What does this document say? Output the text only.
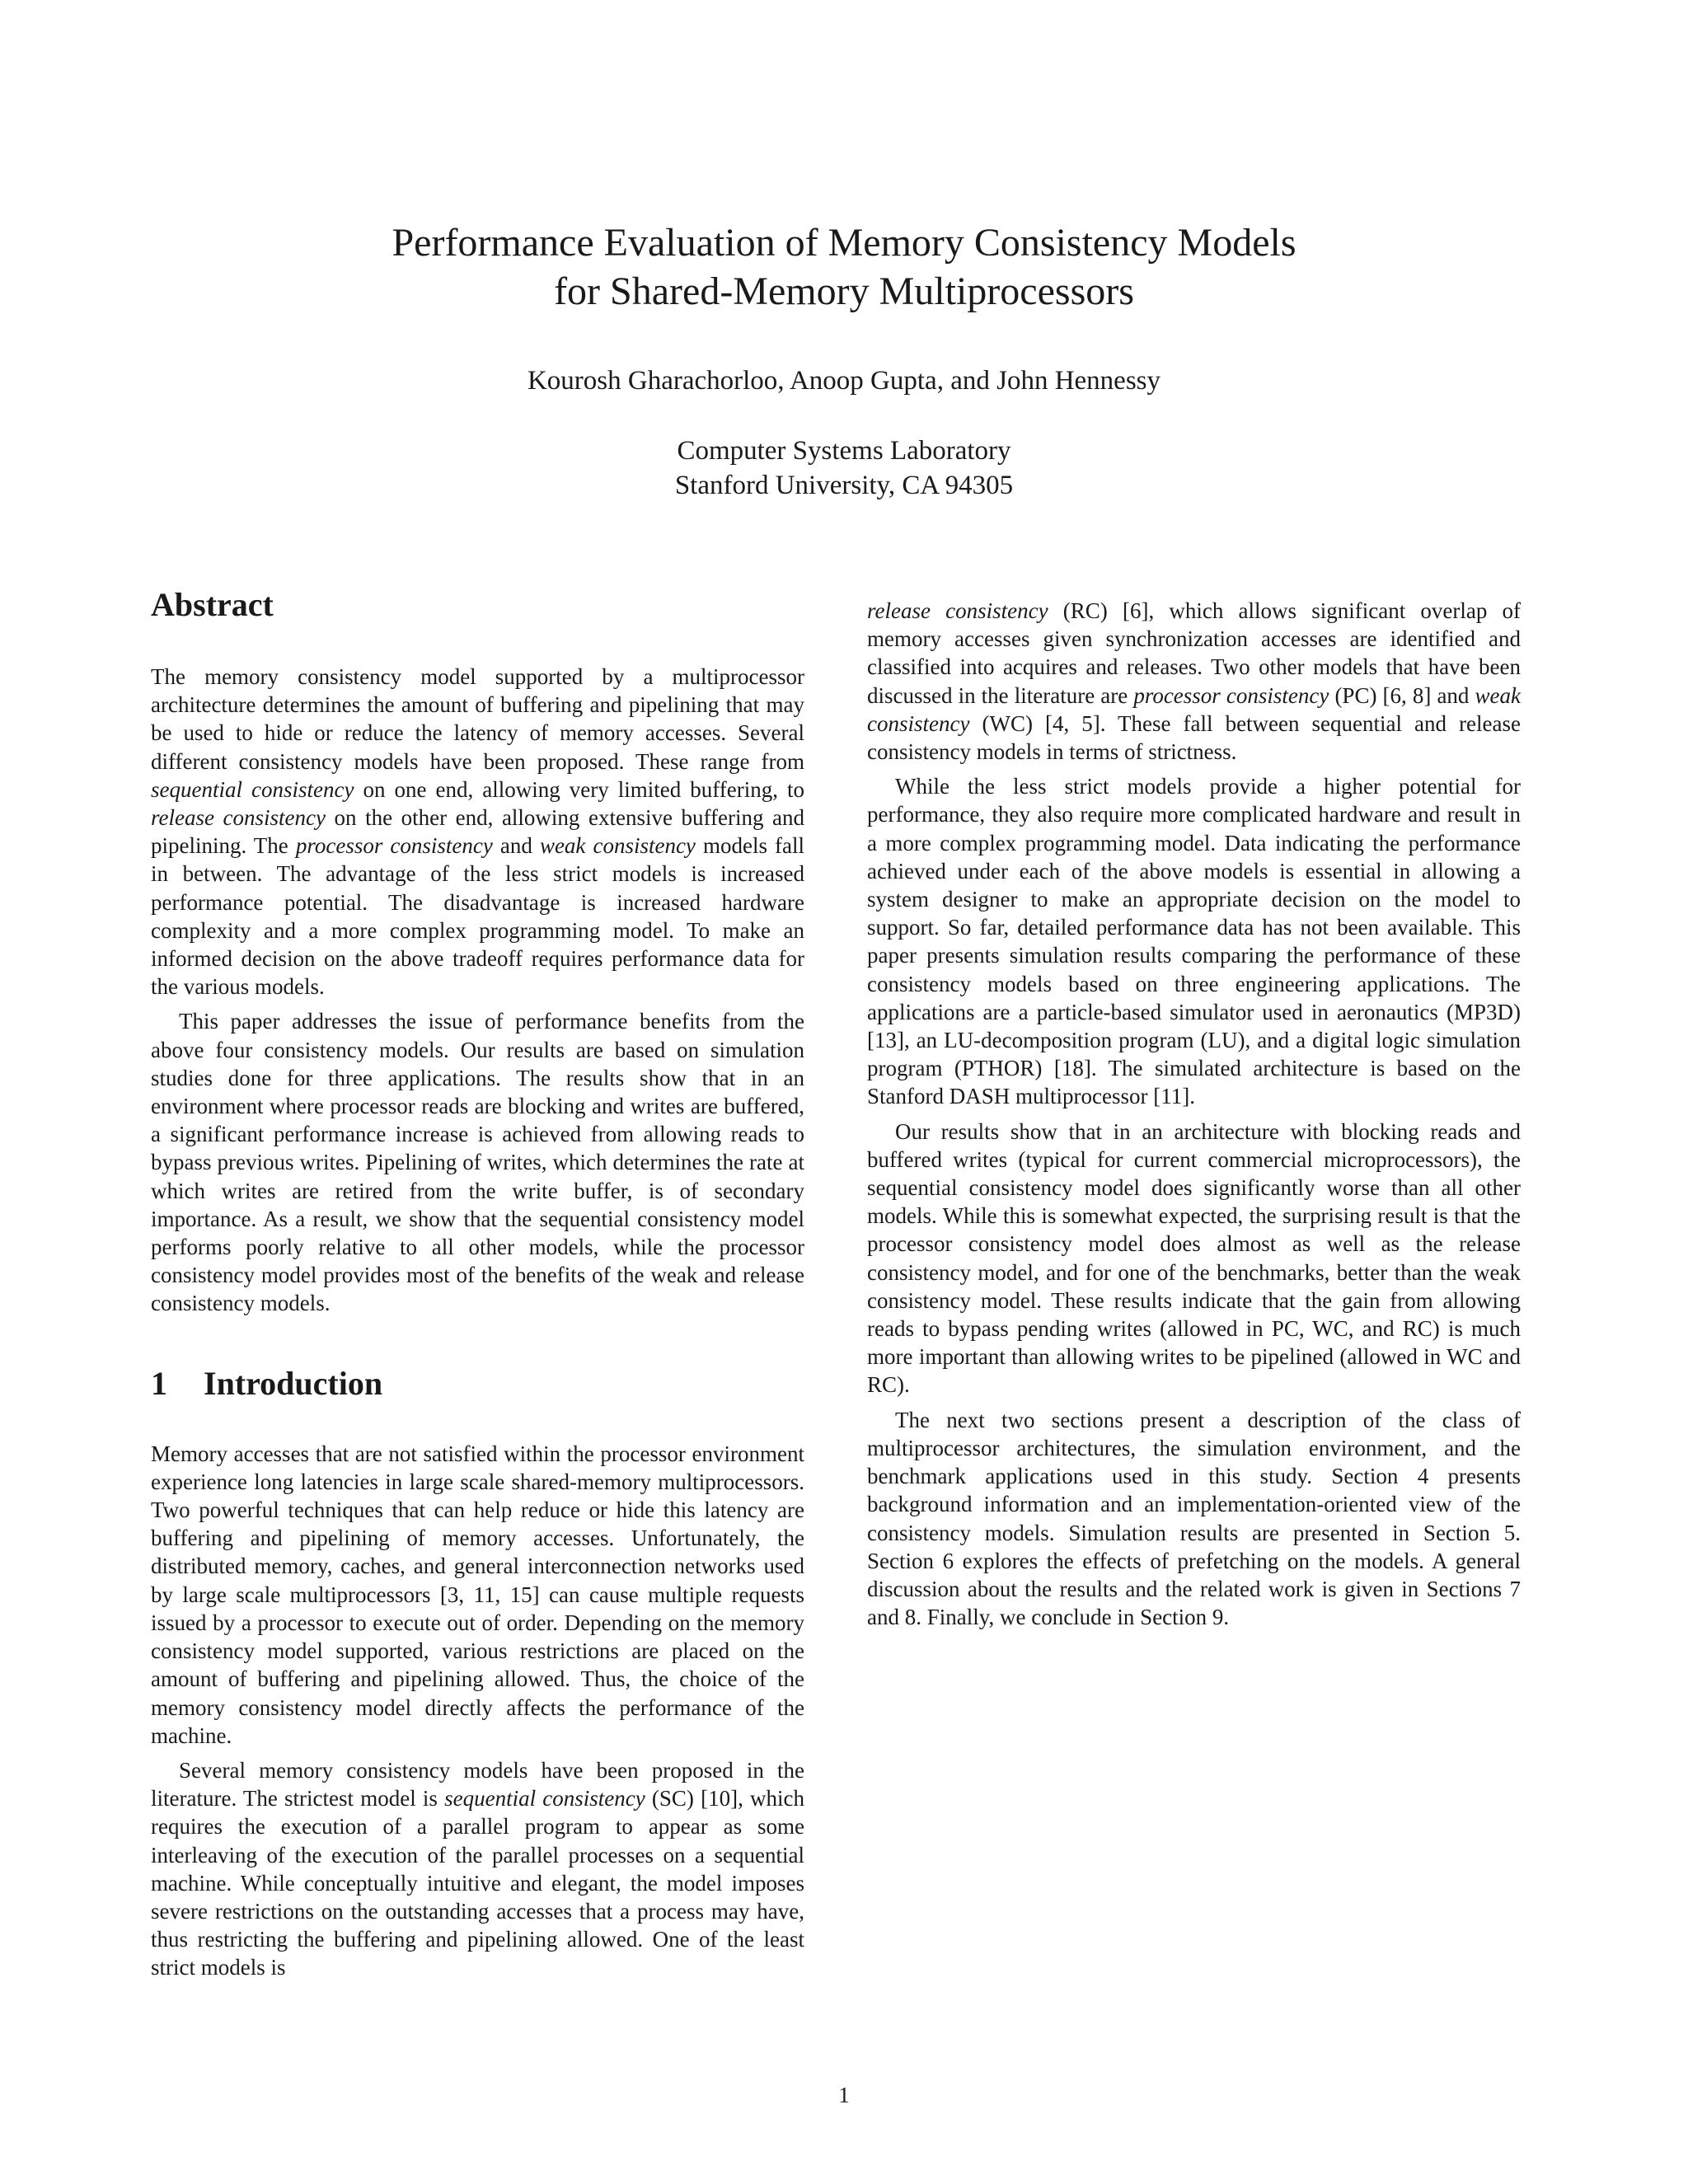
Performance Evaluation of Memory Consistency Models
for Shared-Memory Multiprocessors
Kourosh Gharachorloo, Anoop Gupta, and John Hennessy
Computer Systems Laboratory
Stanford University, CA 94305
Abstract

The memory consistency model supported by a multiprocessor architecture determines the amount of buffering and pipelining that may be used to hide or reduce the latency of memory accesses. Several different consistency models have been proposed. These range from sequential consistency on one end, allowing very limited buffering, to release consistency on the other end, allowing extensive buffering and pipelining. The processor consistency and weak consistency models fall in between. The advantage of the less strict models is increased performance potential. The disadvantage is increased hardware complexity and a more complex programming model. To make an informed decision on the above tradeoff requires performance data for the various models.

This paper addresses the issue of performance benefits from the above four consistency models. Our results are based on simulation studies done for three applications. The results show that in an environment where processor reads are blocking and writes are buffered, a significant performance increase is achieved from allowing reads to bypass previous writes. Pipelining of writes, which determines the rate at which writes are retired from the write buffer, is of secondary importance. As a result, we show that the sequential consistency model performs poorly relative to all other models, while the processor consistency model provides most of the benefits of the weak and release consistency models.

1 Introduction

Memory accesses that are not satisfied within the processor environment experience long latencies in large scale shared-memory multiprocessors. Two powerful techniques that can help reduce or hide this latency are buffering and pipelining of memory accesses. Unfortunately, the distributed memory, caches, and general interconnection networks used by large scale multiprocessors [3, 11, 15] can cause multiple requests issued by a processor to execute out of order. Depending on the memory consistency model supported, various restrictions are placed on the amount of buffering and pipelining allowed. Thus, the choice of the memory consistency model directly affects the performance of the machine.

Several memory consistency models have been proposed in the literature. The strictest model is sequential consistency (SC) [10], which requires the execution of a parallel program to appear as some interleaving of the execution of the parallel processes on a sequential machine. While conceptually intuitive and elegant, the model imposes severe restrictions on the outstanding accesses that a process may have, thus restricting the buffering and pipelining allowed. One of the least strict models is

release consistency (RC) [6], which allows significant overlap of memory accesses given synchronization accesses are identified and classified into acquires and releases. Two other models that have been discussed in the literature are processor consistency (PC) [6, 8] and weak consistency (WC) [4, 5]. These fall between sequential and release consistency models in terms of strictness.

While the less strict models provide a higher potential for performance, they also require more complicated hardware and result in a more complex programming model. Data indicating the performance achieved under each of the above models is essential in allowing a system designer to make an appropriate decision on the model to support. So far, detailed performance data has not been available. This paper presents simulation results comparing the performance of these consistency models based on three engineering applications. The applications are a particle-based simulator used in aeronautics (MP3D) [13], an LU-decomposition program (LU), and a digital logic simulation program (PTHOR) [18]. The simulated architecture is based on the Stanford DASH multiprocessor [11].

Our results show that in an architecture with blocking reads and buffered writes (typical for current commercial microprocessors), the sequential consistency model does significantly worse than all other models. While this is somewhat expected, the surprising result is that the processor consistency model does almost as well as the release consistency model, and for one of the benchmarks, better than the weak consistency model. These results indicate that the gain from allowing reads to bypass pending writes (allowed in PC, WC, and RC) is much more important than allowing writes to be pipelined (allowed in WC and RC).

The next two sections present a description of the class of multiprocessor architectures, the simulation environment, and the benchmark applications used in this study. Section 4 presents background information and an implementation-oriented view of the consistency models. Simulation results are presented in Section 5. Section 6 explores the effects of prefetching on the models. A general discussion about the results and the related work is given in Sections 7 and 8. Finally, we conclude in Section 9.

1
